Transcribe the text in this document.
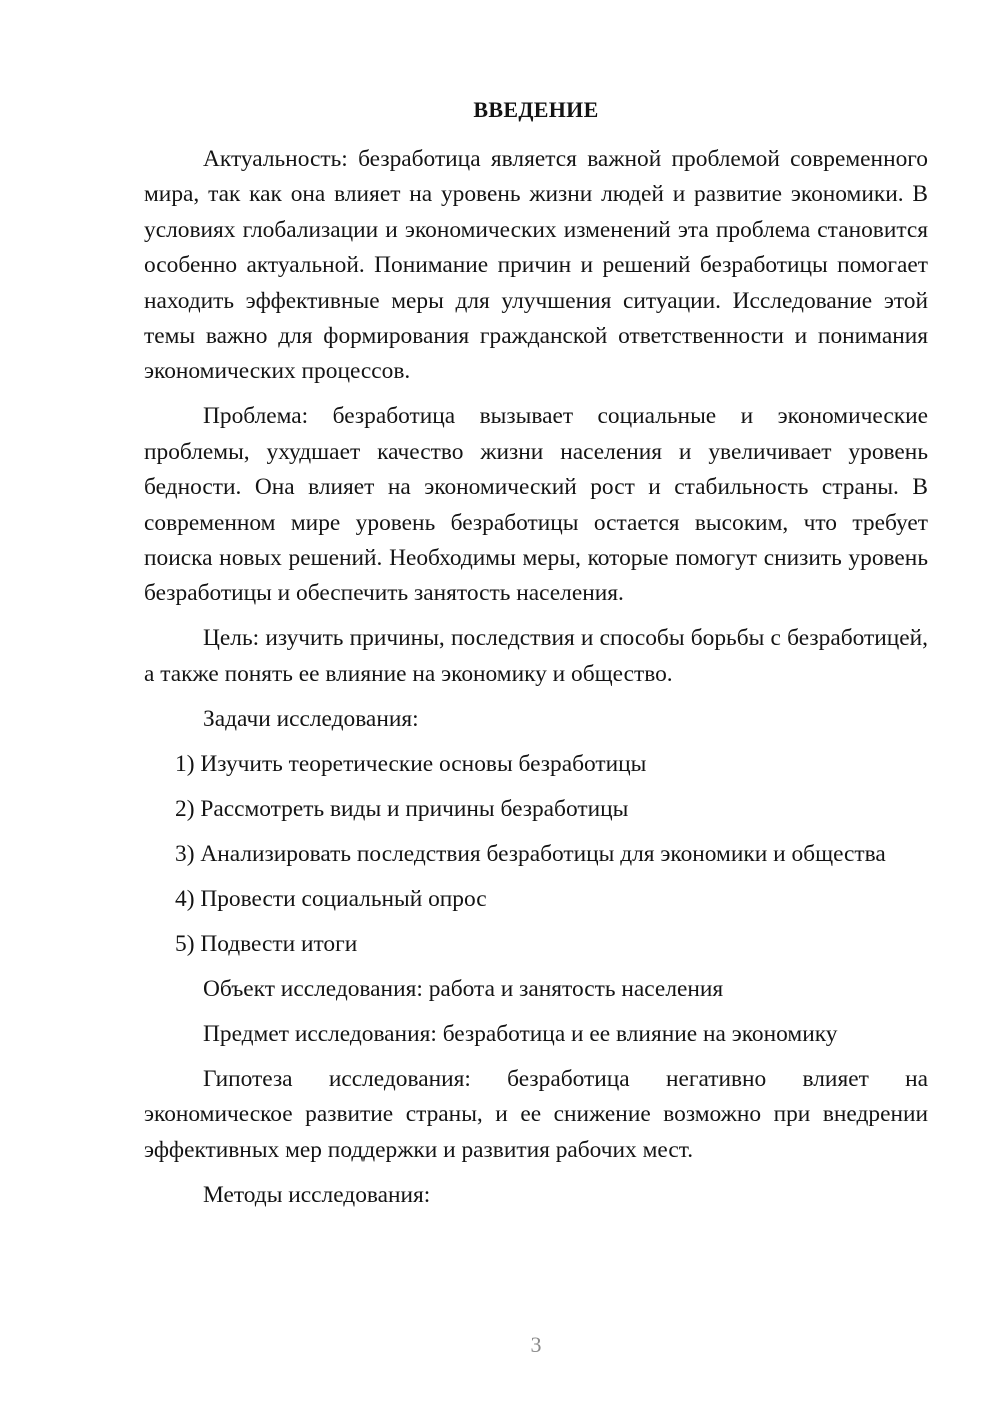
ВВЕДЕНИЕ

Актуальность: безработица является важной проблемой современного мира, так как она влияет на уровень жизни людей и развитие экономики. В условиях глобализации и экономических изменений эта проблема становится особенно актуальной. Понимание причин и решений безработицы помогает находить эффективные меры для улучшения ситуации. Исследование этой темы важно для формирования гражданской ответственности и понимания экономических процессов.

Проблема: безработица вызывает социальные и экономические проблемы, ухудшает качество жизни населения и увеличивает уровень бедности. Она влияет на экономический рост и стабильность страны. В современном мире уровень безработицы остается высоким, что требует поиска новых решений. Необходимы меры, которые помогут снизить уровень безработицы и обеспечить занятость населения.

Цель: изучить причины, последствия и способы борьбы с безработицей, а также понять ее влияние на экономику и общество.

Задачи исследования:

1) Изучить теоретические основы безработицы

2) Рассмотреть виды и причины безработицы

3) Анализировать последствия безработицы для экономики и общества

4) Провести социальный опрос

5) Подвести итоги

Объект исследования: работа и занятость населения

Предмет исследования: безработица и ее влияние на экономику

Гипотеза исследования: безработица негативно влияет на экономическое развитие страны, и ее снижение возможно при внедрении эффективных мер поддержки и развития рабочих мест.

Методы исследования:

3
